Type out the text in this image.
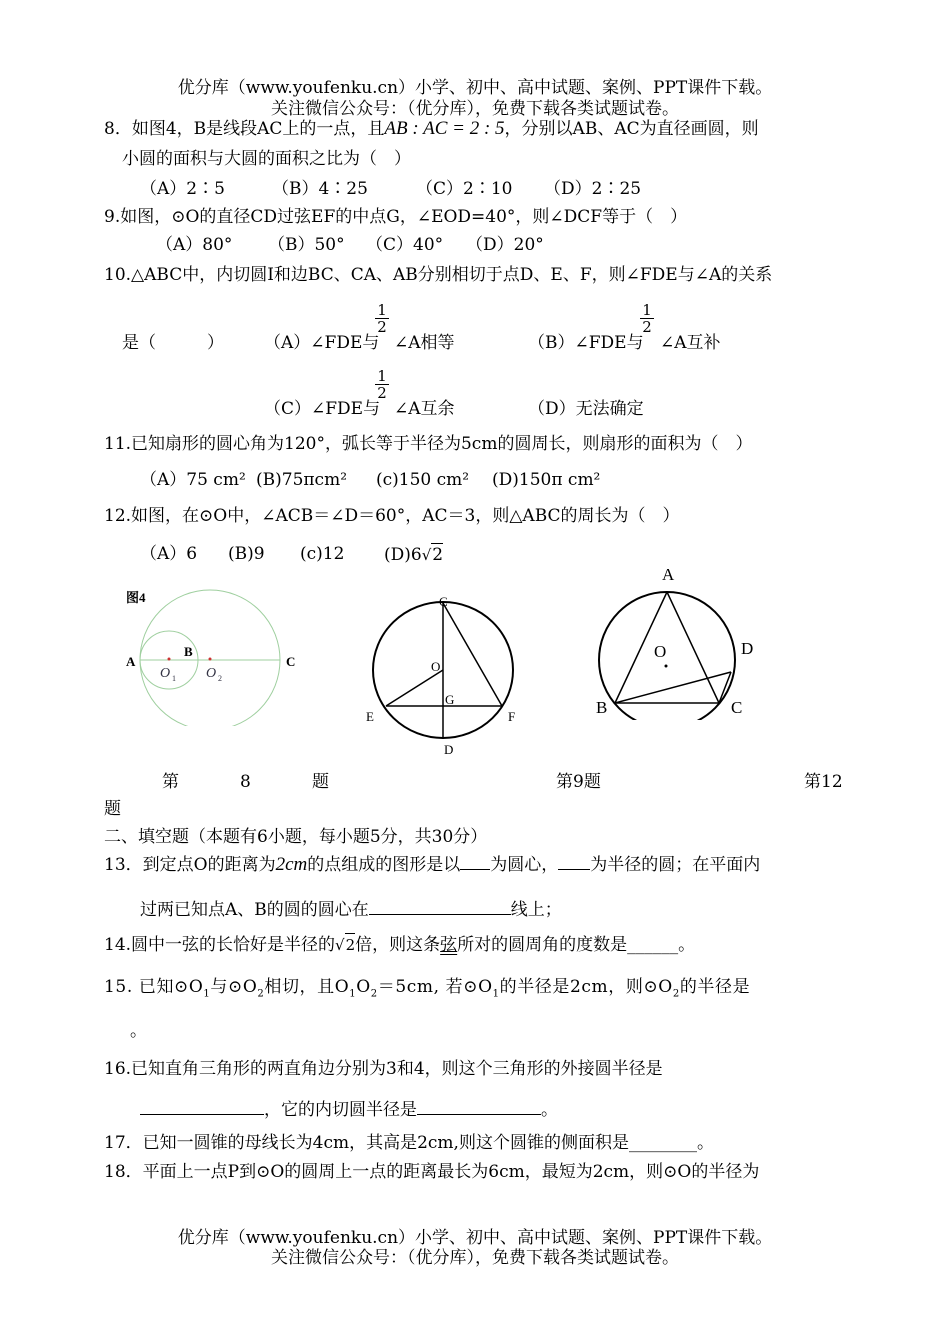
优分库（www.youfenku.cn）小学、初中、高中试题、案例、PPT课件下载。
关注微信公众号：（优分库），免费下载各类试题试卷。
8．如图4，B是线段AC上的一点，且AB : AC = 2 : 5，分别以AB、AC为直径画圆，则
小圆的面积与大圆的面积之比为（　）
（A）2∶5	（B）4∶25	（C）2∶10 （D）2∶25
9.如图，⊙O的直径CD过弦EF的中点G，∠EOD=40°，则∠DCF等于（　）
（A）80° （B）50° （C）40° （D）20°
10.△ABC中，内切圆I和边BC、CA、AB分别相切于点D、E、F，则∠FDE与∠A的关系
是（　　　） （A）∠FDE与
$\frac{1}{2}$
∠A相等	（B）∠FDE与
$\frac{1}{2}$
∠A互补
（C）∠FDE与
$\frac{1}{2}$
∠A互余	（D）无法确定
11.已知扇形的圆心角为120°，弧长等于半径为5cm的圆周长，则扇形的面积为（　）
（A）75 cm² (B)75πcm² (c)150 cm² (D)150π cm²
12.如图，在⊙O中，∠ACB＝∠D＝60°，AC＝3，则△ABC的周长为（　）
（A）6 (B)9 (c)12 (D)6√2
图4
A
B
C
O 1 O 2
C
O
G
E	F
D
A
O	D
B	C
第	8	题	第9题	第12
题
二、填空题（本题有6小题，每小题5分，共30分）
13．到定点O的距离为2cm的点组成的图形是以 为圆心， 为半径的圆；在平面内
过两已知点A、B的圆的圆心在	线上；
14.圆中一弦的长恰好是半径的√2倍，则这条弦所对的圆周角的度数是______。
15. 已知$⊙O_1$与$⊙O_2$相切，且$O_1O_2=5cm$, 若$⊙O_1$的半径是2cm，则$⊙O_2$的半径是
。
16.已知直角三角形的两直角边分别为3和4，则这个三角形的外接圆半径是
，它的内切圆半径是	。
17．已知一圆锥的母线长为4cm，其高是2cm,则这个圆锥的侧面积是________。
18．平面上一点P到⊙O的圆周上一点的距离最长为6cm，最短为2cm，则⊙O的半径为
优分库（www.youfenku.cn）小学、初中、高中试题、案例、PPT课件下载。
关注微信公众号：（优分库），免费下载各类试题试卷。
